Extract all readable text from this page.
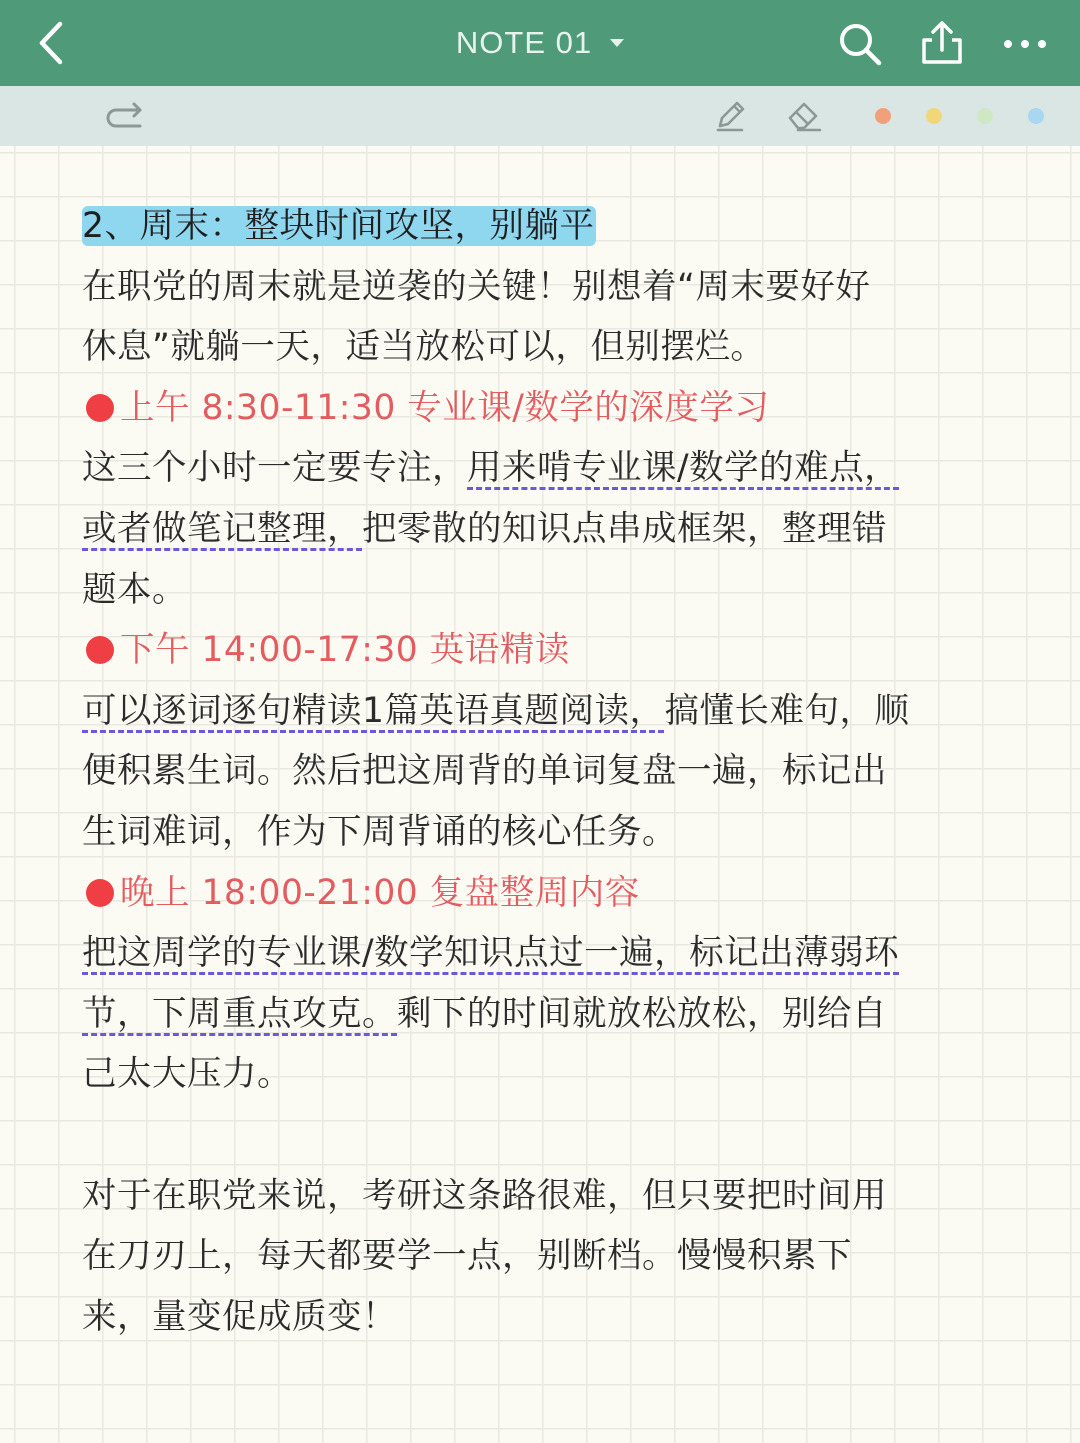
NOTE 01
2、周末：整块时间攻坚，别躺平
在职党的周末就是逆袭的关键！别想着“周末要好好
休息”就躺一天，适当放松可以，但别摆烂。
上午 8:30-11:30 专业课/数学的深度学习
这三个小时一定要专注，用来啃专业课/数学的难点，
或者做笔记整理，把零散的知识点串成框架，整理错
题本。
下午 14:00-17:30 英语精读
可以逐词逐句精读1篇英语真题阅读，搞懂长难句，顺
便积累生词。然后把这周背的单词复盘一遍，标记出
生词难词，作为下周背诵的核心任务。
晚上 18:00-21:00 复盘整周内容
把这周学的专业课/数学知识点过一遍，标记出薄弱环
节，下周重点攻克。剩下的时间就放松放松，别给自
己太大压力。
对于在职党来说，考研这条路很难，但只要把时间用
在刀刃上，每天都要学一点，别断档。慢慢积累下
来，量变促成质变！
